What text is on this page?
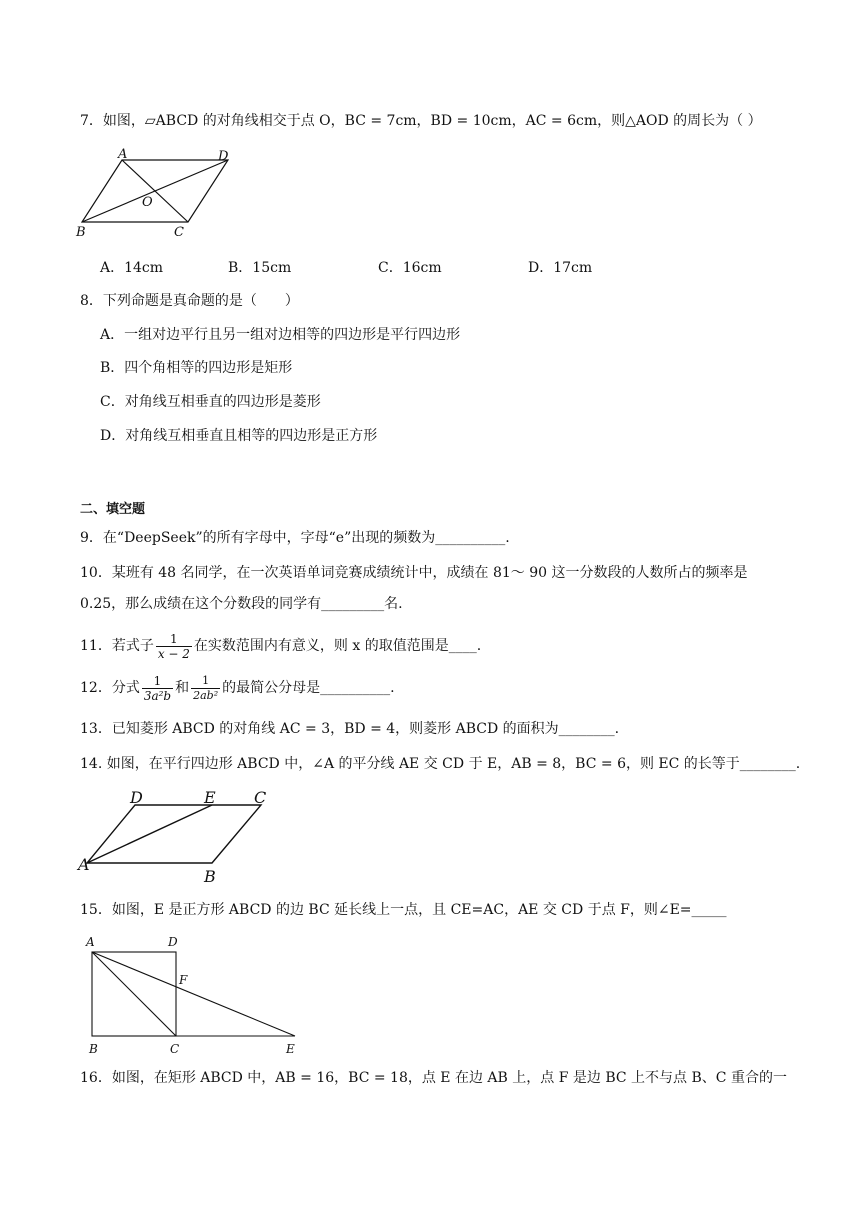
7．如图，▱ABCD 的对角线相交于点 O，BC = 7cm，BD = 10cm，AC = 6cm，则△AOD 的周长为（ ）
A	D
O
B	C
A．14cm	B．15cm	C．16cm	D．17cm
8．下列命题是真命题的是（　　）
A．一组对边平行且另一组对边相等的四边形是平行四边形
B．四个角相等的四边形是矩形
C．对角线互相垂直的四边形是菱形
D．对角线互相垂直且相等的四边形是正方形
二、填空题
9．在“DeepSeek”的所有字母中，字母“e”出现的频数为__________.
10．某班有 48 名同学，在一次英语单词竞赛成绩统计中，成绩在 81～ 90 这一分数段的人数所占的频率是
0.25，那么成绩在这个分数段的同学有_________名.
11．若式子 $\frac{1}{x - 2}$ 在实数范围内有意义，则 x 的取值范围是____.
12．分式 $\frac{1}{\text{3a²b}}$ 和 $\frac{1}{\text{2ab²}}$ 的最简公分母是__________.
13．已知菱形 ABCD 的对角线 AC = 3，BD = 4，则菱形 ABCD 的面积为________.
14. 如图，在平行四边形 ABCD 中，∠A 的平分线 AE 交 CD 于 E，AB = 8，BC = 6，则 EC 的长等于________.
D	E C
A
B
15．如图，E 是正方形 ABCD 的边 BC 延长线上一点，且 CE=AC，AE 交 CD 于点 F，则∠E=_____
A	D
F
B	C	E
16．如图，在矩形 ABCD 中，AB = 16，BC = 18，点 E 在边 AB 上，点 F 是边 BC 上不与点 B、C 重合的一
